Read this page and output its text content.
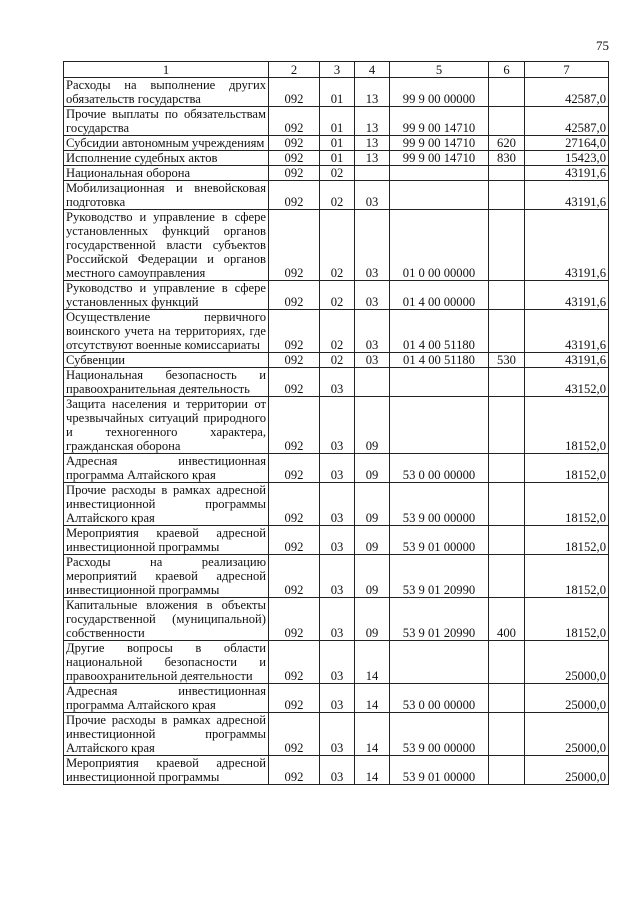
75
1	2	3	4	5	6	7
Расходы на выполнение других обязательств государства	092	01	13	99 9 00 00000		42587,0
Прочие выплаты по обязательствам государства	092	01	13	99 9 00 14710		42587,0
Субсидии автономным учреждениям	092	01	13	99 9 00 14710	620	27164,0
Исполнение судебных актов	092	01	13	99 9 00 14710	830	15423,0
Национальная оборона	092	02				43191,6
Мобилизационная и вневойсковая подготовка	092	02	03			43191,6
Руководство и управление в сфере установленных функций органов государственной власти субъектов Российской Федерации и органов местного самоуправления	092	02	03	01 0 00 00000		43191,6
Руководство и управление в сфере установленных функций	092	02	03	01 4 00 00000		43191,6
Осуществление первичного воинского учета на территориях, где отсутствуют военные комиссариаты	092	02	03	01 4 00 51180		43191,6
Субвенции	092	02	03	01 4 00 51180	530	43191,6
Национальная безопасность и правоохранительная деятельность	092	03				43152,0
Защита населения и территории от чрезвычайных ситуаций природного и техногенного характера, гражданская оборона	092	03	09			18152,0
Адресная инвестиционная программа Алтайского края	092	03	09	53 0 00 00000		18152,0
Прочие расходы в рамках адресной инвестиционной программы Алтайского края	092	03	09	53 9 00 00000		18152,0
Мероприятия краевой адресной инвестиционной программы	092	03	09	53 9 01 00000		18152,0
Расходы на реализацию мероприятий краевой адресной инвестиционной программы	092	03	09	53 9 01 20990		18152,0
Капитальные вложения в объекты государственной (муниципальной) собственности	092	03	09	53 9 01 20990	400	18152,0
Другие вопросы в области национальной безопасности и правоохранительной деятельности	092	03	14			25000,0
Адресная инвестиционная программа Алтайского края	092	03	14	53 0 00 00000		25000,0
Прочие расходы в рамках адресной инвестиционной программы Алтайского края	092	03	14	53 9 00 00000		25000,0
Мероприятия краевой адресной инвестиционной программы	092	03	14	53 9 01 00000		25000,0
